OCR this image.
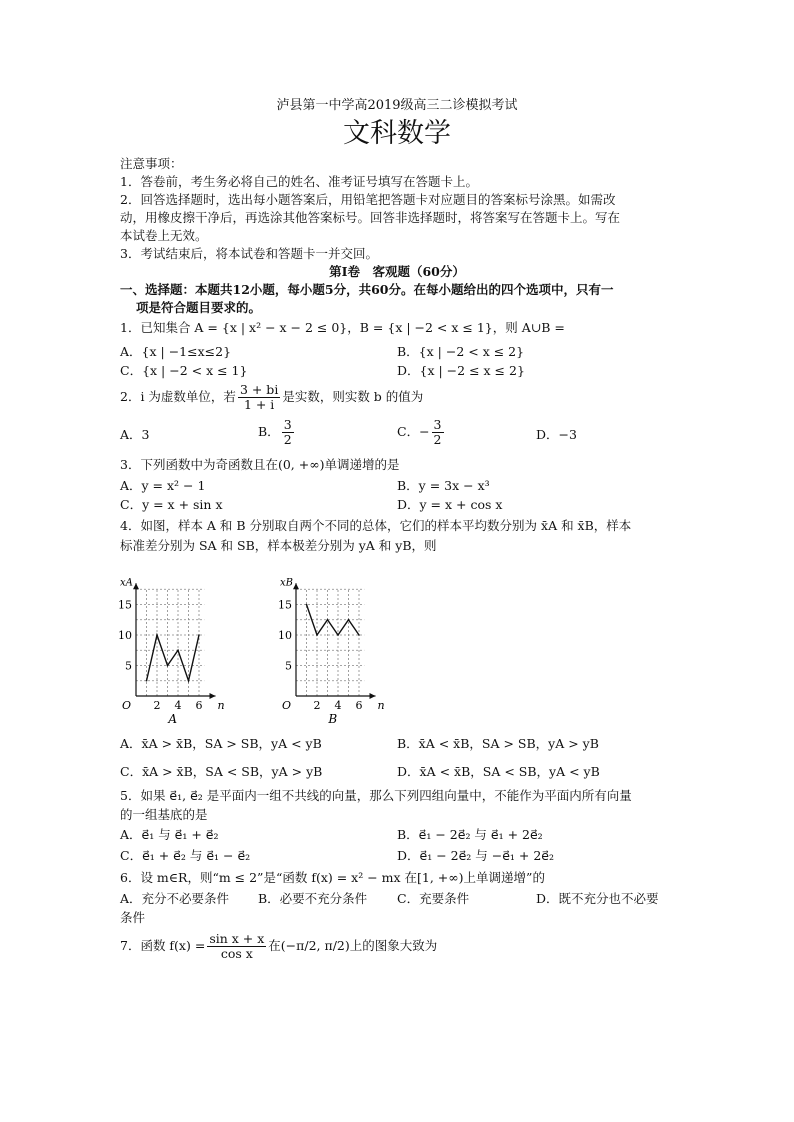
泸县第一中学高2019级高三二诊模拟考试
文科数学
注意事项：
1．答卷前，考生务必将自己的姓名、准考证号填写在答题卡上。
2．回答选择题时，选出每小题答案后，用铅笔把答题卡对应题目的答案标号涂黑。如需改
动，用橡皮擦干净后，再选涂其他答案标号。回答非选择题时，将答案写在答题卡上。写在
本试卷上无效。
3．考试结束后，将本试卷和答题卡一并交回。
第Ⅰ卷　客观题（60分）
一、选择题：本题共12小题，每小题5分，共60分。在每小题给出的四个选项中，只有一
项是符合题目要求的。
1．已知集合 A = {x | x² − x − 2 ≤ 0}，B = {x | −2 < x ≤ 1}，则 A∪B =
A．{x | −1≤x≤2}	B．{x | −2 < x ≤ 2}
C．{x | −2 < x ≤ 1}	D．{x | −2 ≤ x ≤ 2}
2．i 为虚数单位，若 $\frac{3 + bi}{1 + i}$ 是实数，则实数 b 的值为
A．3	B． $\frac{3}{2}$	C．− $\frac{3}{2}$	D．−3
3．下列函数中为奇函数且在(0, +∞)单调递增的是
A．y = x² − 1	B．y = 3x − x³
C．y = x + sin x	D．y = x + cos x
4．如图，样本 A 和 B 分别取自两个不同的总体，它们的样本平均数分别为 x̄A 和 x̄B，样本
标准差分别为 SA 和 SB，样本极差分别为 yA 和 yB，则
5
10
15
2 4 6
O	n
xA
A
5
10
15
2 4 6
O	n
xB
B
A．x̄A > x̄B，SA > SB，yA < yB	B．x̄A < x̄B，SA > SB，yA > yB
C．x̄A > x̄B，SA < SB，yA > yB	D．x̄A < x̄B，SA < SB，yA < yB
5．如果 e⃗₁, e⃗₂ 是平面内一组不共线的向量，那么下列四组向量中，不能作为平面内所有向量
的一组基底的是
A．e⃗₁ 与 e⃗₁ + e⃗₂	B．e⃗₁ − 2e⃗₂ 与 e⃗₁ + 2e⃗₂
C．e⃗₁ + e⃗₂ 与 e⃗₁ − e⃗₂	D．e⃗₁ − 2e⃗₂ 与 −e⃗₁ + 2e⃗₂
6．设 m∈R，则“m ≤ 2”是“函数 f(x) = x² − mx 在[1, +∞)上单调递增”的
A．充分不必要条件 B．必要不充分条件 C．充要条件	D．既不充分也不必要
条件
7．函数 $f(x) = \frac{\text{sin x + x}}{\text{cos x}}$ 在(−π/2, π/2)上的图象大致为
